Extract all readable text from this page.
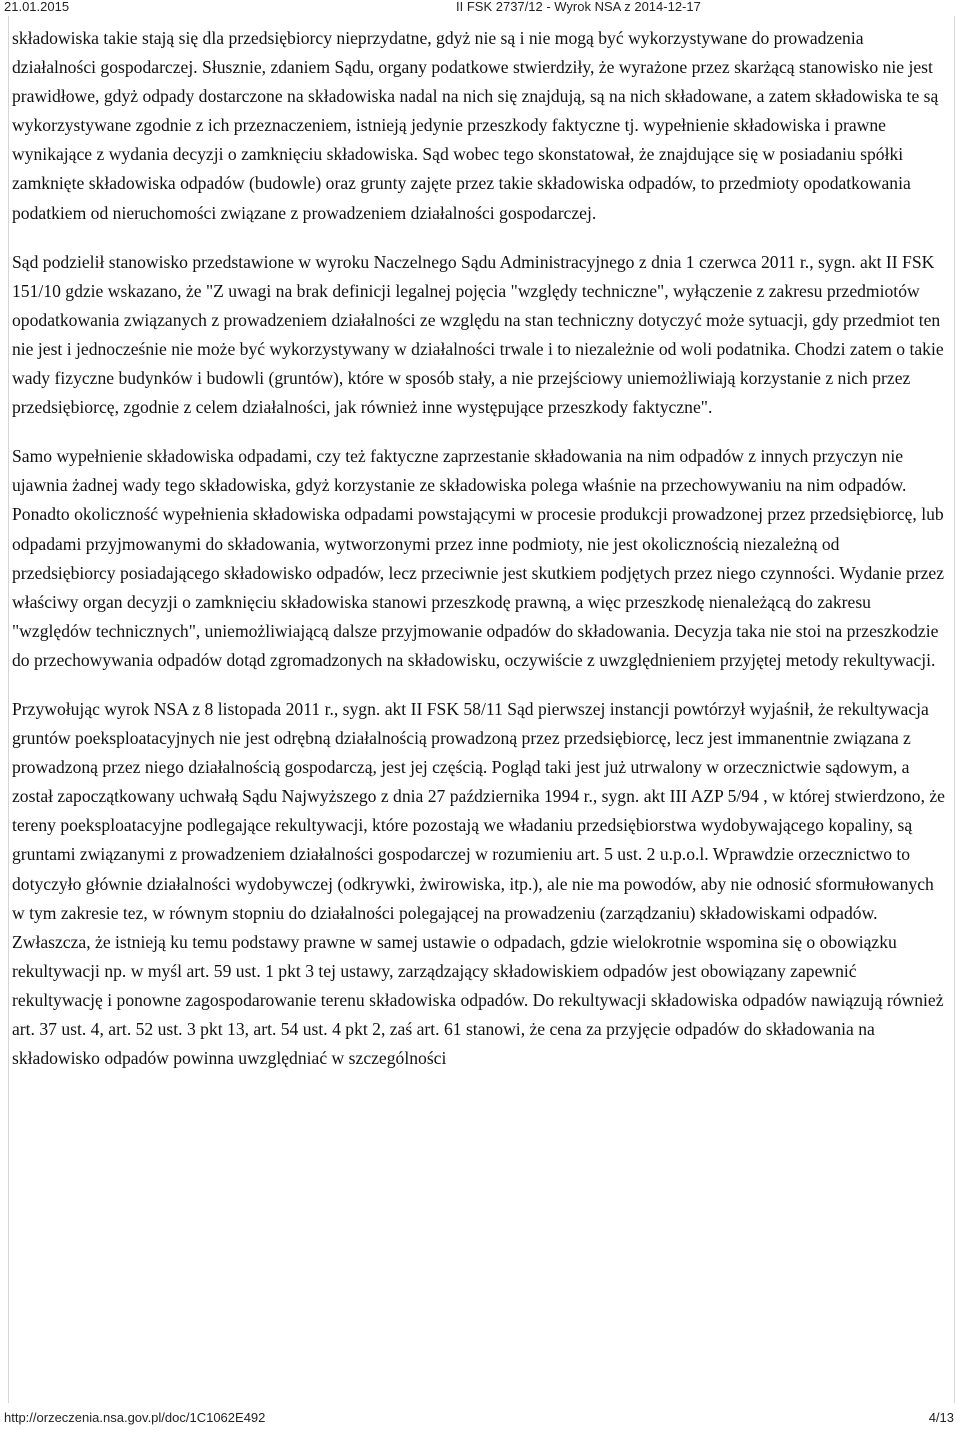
21.01.2015	II FSK 2737/12 - Wyrok NSA z 2014-12-17

składowiska takie stają się dla przedsiębiorcy nieprzydatne, gdyż nie są i nie mogą być wykorzystywane do prowadzenia działalności gospodarczej. Słusznie, zdaniem Sądu, organy podatkowe stwierdziły, że wyrażone przez skarżącą stanowisko nie jest prawidłowe, gdyż odpady dostarczone na składowiska nadal na nich się znajdują, są na nich składowane, a zatem składowiska te są wykorzystywane zgodnie z ich przeznaczeniem, istnieją jedynie przeszkody faktyczne tj. wypełnienie składowiska i prawne wynikające z wydania decyzji o zamknięciu składowiska. Sąd wobec tego skonstatował, że znajdujące się w posiadaniu spółki zamknięte składowiska odpadów (budowle) oraz grunty zajęte przez takie składowiska odpadów, to przedmioty opodatkowania podatkiem od nieruchomości związane z prowadzeniem działalności gospodarczej.

Sąd podzielił stanowisko przedstawione w wyroku Naczelnego Sądu Administracyjnego z dnia 1 czerwca 2011 r., sygn. akt II FSK 151/10 gdzie wskazano, że "Z uwagi na brak definicji legalnej pojęcia "względy techniczne", wyłączenie z zakresu przedmiotów opodatkowania związanych z prowadzeniem działalności ze względu na stan techniczny dotyczyć może sytuacji, gdy przedmiot ten nie jest i jednocześnie nie może być wykorzystywany w działalności trwale i to niezależnie od woli podatnika. Chodzi zatem o takie wady fizyczne budynków i budowli (gruntów), które w sposób stały, a nie przejściowy uniemożliwiają korzystanie z nich przez przedsiębiorcę, zgodnie z celem działalności, jak również inne występujące przeszkody faktyczne".

Samo wypełnienie składowiska odpadami, czy też faktyczne zaprzestanie składowania na nim odpadów z innych przyczyn nie ujawnia żadnej wady tego składowiska, gdyż korzystanie ze składowiska polega właśnie na przechowywaniu na nim odpadów. Ponadto okoliczność wypełnienia składowiska odpadami powstającymi w procesie produkcji prowadzonej przez przedsiębiorcę, lub odpadami przyjmowanymi do składowania, wytworzonymi przez inne podmioty, nie jest okolicznością niezależną od przedsiębiorcy posiadającego składowisko odpadów, lecz przeciwnie jest skutkiem podjętych przez niego czynności. Wydanie przez właściwy organ decyzji o zamknięciu składowiska stanowi przeszkodę prawną, a więc przeszkodę nienależącą do zakresu "względów technicznych", uniemożliwiającą dalsze przyjmowanie odpadów do składowania. Decyzja taka nie stoi na przeszkodzie do przechowywania odpadów dotąd zgromadzonych na składowisku, oczywiście z uwzględnieniem przyjętej metody rekultywacji.

Przywołując wyrok NSA z 8 listopada 2011 r., sygn. akt II FSK 58/11 Sąd pierwszej instancji powtórzył wyjaśnił, że rekultywacja gruntów poeksploatacyjnych nie jest odrębną działalnością prowadzoną przez przedsiębiorcę, lecz jest immanentnie związana z prowadzoną przez niego działalnością gospodarczą, jest jej częścią. Pogląd taki jest już utrwalony w orzecznictwie sądowym, a został zapoczątkowany uchwałą Sądu Najwyższego z dnia 27 października 1994 r., sygn. akt III AZP 5/94 , w której stwierdzono, że tereny poeksploatacyjne podlegające rekultywacji, które pozostają we władaniu przedsiębiorstwa wydobywającego kopaliny, są gruntami związanymi z prowadzeniem działalności gospodarczej w rozumieniu art. 5 ust. 2 u.p.o.l. Wprawdzie orzecznictwo to dotyczyło głównie działalności wydobywczej (odkrywki, żwirowiska, itp.), ale nie ma powodów, aby nie odnosić sformułowanych w tym zakresie tez, w równym stopniu do działalności polegającej na prowadzeniu (zarządzaniu) składowiskami odpadów. Zwłaszcza, że istnieją ku temu podstawy prawne w samej ustawie o odpadach, gdzie wielokrotnie wspomina się o obowiązku rekultywacji np. w myśl art. 59 ust. 1 pkt 3 tej ustawy, zarządzający składowiskiem odpadów jest obowiązany zapewnić rekultywację i ponowne zagospodarowanie terenu składowiska odpadów. Do rekultywacji składowiska odpadów nawiązują również art. 37 ust. 4, art. 52 ust. 3 pkt 13, art. 54 ust. 4 pkt 2, zaś art. 61 stanowi, że cena za przyjęcie odpadów do składowania na składowisko odpadów powinna uwzględniać w szczególności

http://orzeczenia.nsa.gov.pl/doc/1C1062E492	4/13
